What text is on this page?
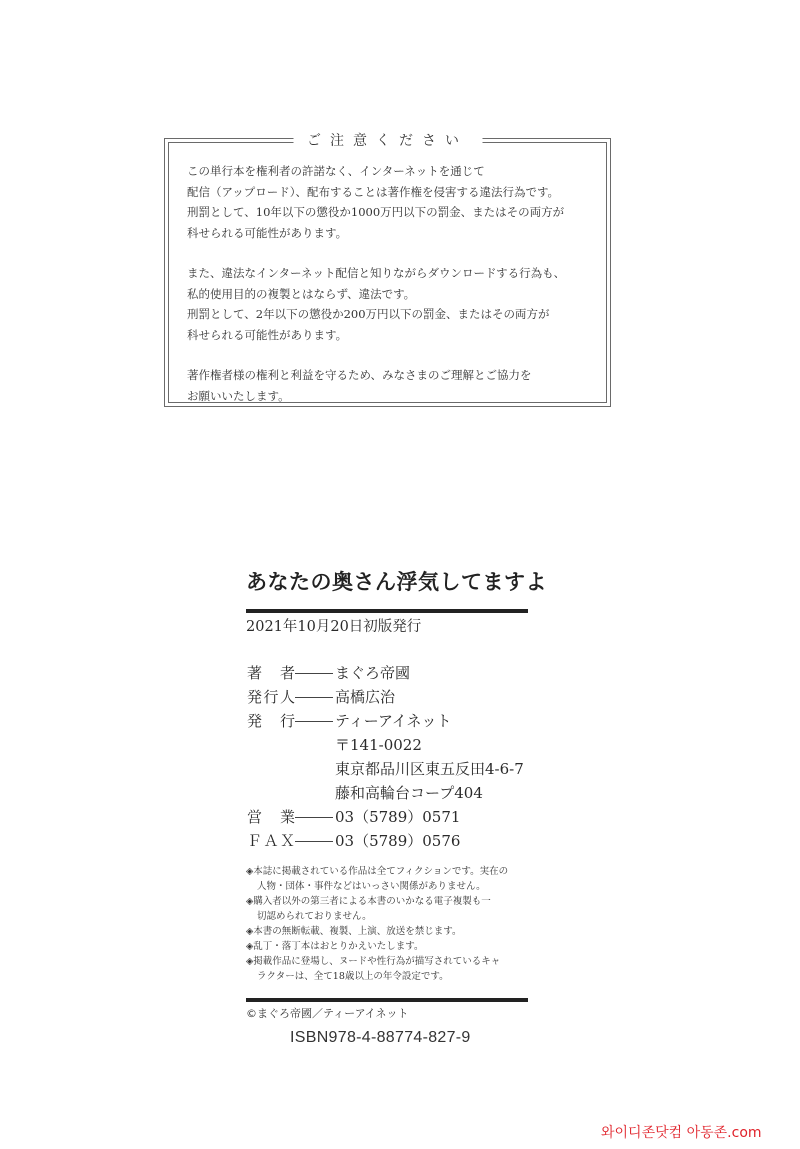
ご注意ください

この単行本を権利者の許諾なく、インターネットを通じて
配信（アップロード）、配布することは著作権を侵害する違法行為です。
刑罰として、10年以下の懲役か1000万円以下の罰金、またはその両方が
科せられる可能性があります。

また、違法なインターネット配信と知りながらダウンロードする行為も、
私的使用目的の複製とはならず、違法です。
刑罰として、2年以下の懲役か200万円以下の罰金、またはその両方が
科せられる可能性があります。

著作権者様の権利と利益を守るため、みなさまのご理解とご協力を
お願いいたします。

あなたの奥さん浮気してますよ
2021年10月20日初版発行
著　者	まぐろ帝國
発行人	高橋広治
発　行	ティーアイネット
〒141-0022
東京都品川区東五反田4-6-7
藤和高輪台コープ404
営　業	03（5789）0571
ＦＡＸ	03（5789）0576
◈本誌に掲載されている作品は全てフィクションです。実在の
人物・団体・事件などはいっさい関係がありません。
◈購入者以外の第三者による本書のいかなる電子複製も一
切認められておりません。
◈本書の無断転載、複製、上演、放送を禁じます。
◈乱丁・落丁本はおとりかえいたします。
◈掲載作品に登場し、ヌードや性行為が描写されているキャ
ラクターは、全て18歳以上の年令設定です。
©まぐろ帝國／ティーアイネット
ISBN978-4-88774-827-9
와이디존닷컴 아동존.com
